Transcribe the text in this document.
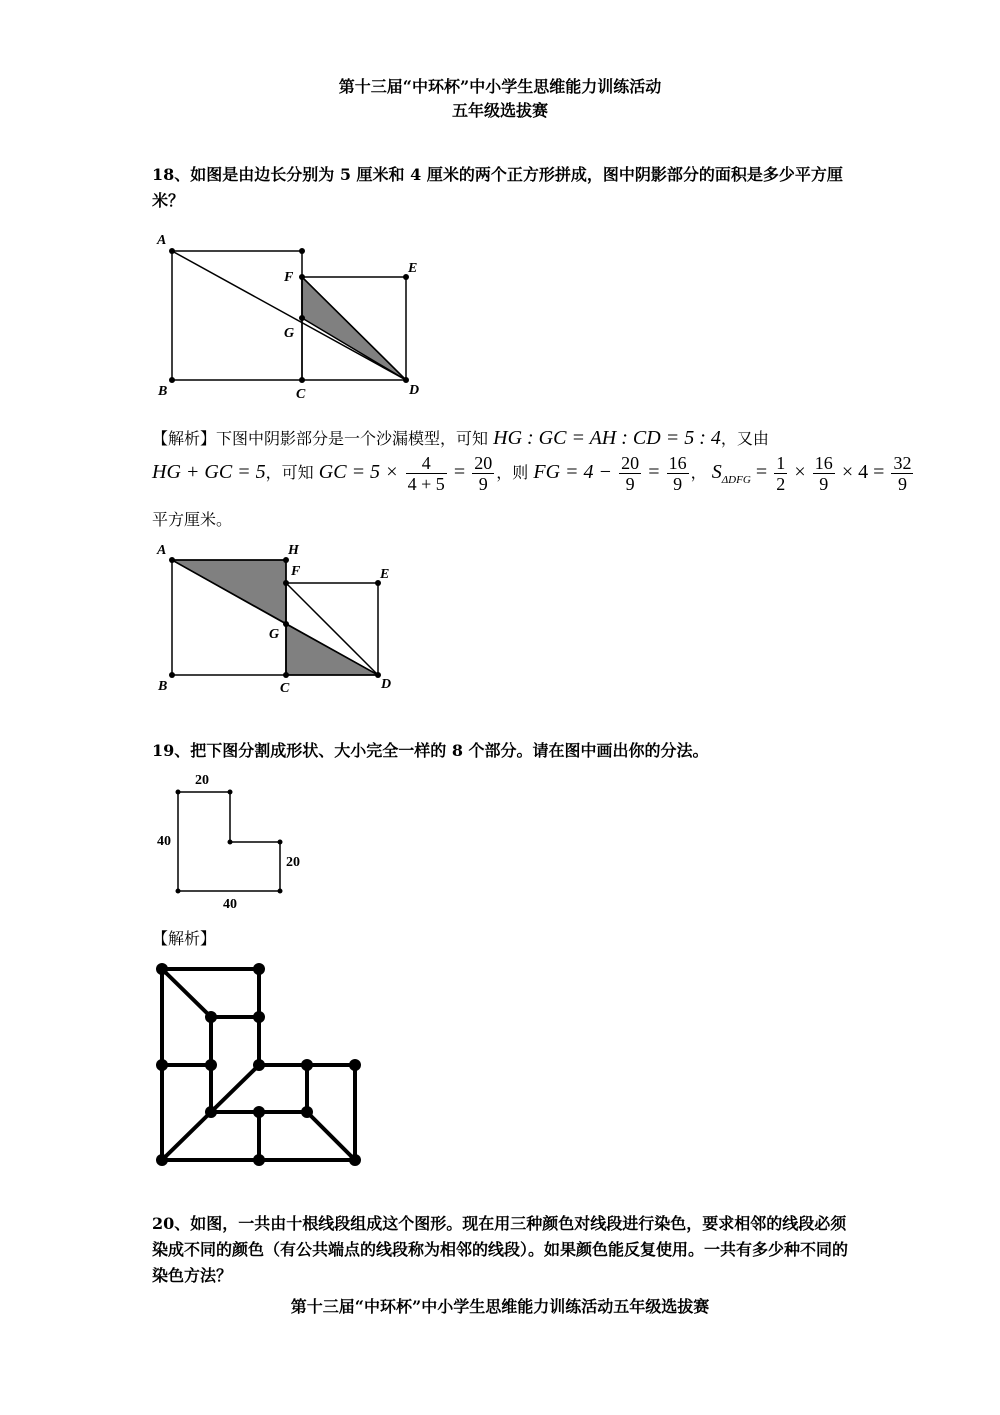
第十三届“中环杯”中小学生思维能力训练活动
五年级选拔赛
18、如图是由边长分别为 5 厘米和 4 厘米的两个正方形拼成，图中阴影部分的面积是多少平方厘米？
A
F
E
G
B	C	D
【解析】下图中阴影部分是一个沙漏模型，可知 HG : GC = AH : CD = 5 : 4，又由
HG + GC = 5，可知 GC = $5 \times \frac{4}{4 + 5} = \frac{20}{9}$ ，则 FG = $4 - \frac{20}{9} = \frac{16}{9}$ ， $S_{\Delta DFG} = \frac{1}{2} \times \frac{16}{9} \times 4 = \frac{32}{9}$
平方厘米。
A	H
F	E
G
B	C	D
19、把下图分割成形状、大小完全一样的 8 个部分。请在图中画出你的分法。
20
40
20
40
【解析】
20、如图，一共由十根线段组成这个图形。现在用三种颜色对线段进行染色，要求相邻的线段必须染成不同的颜色（有公共端点的线段称为相邻的线段）。如果颜色能反复使用。一共有多少种不同的染色方法？
第十三届“中环杯”中小学生思维能力训练活动五年级选拔赛
